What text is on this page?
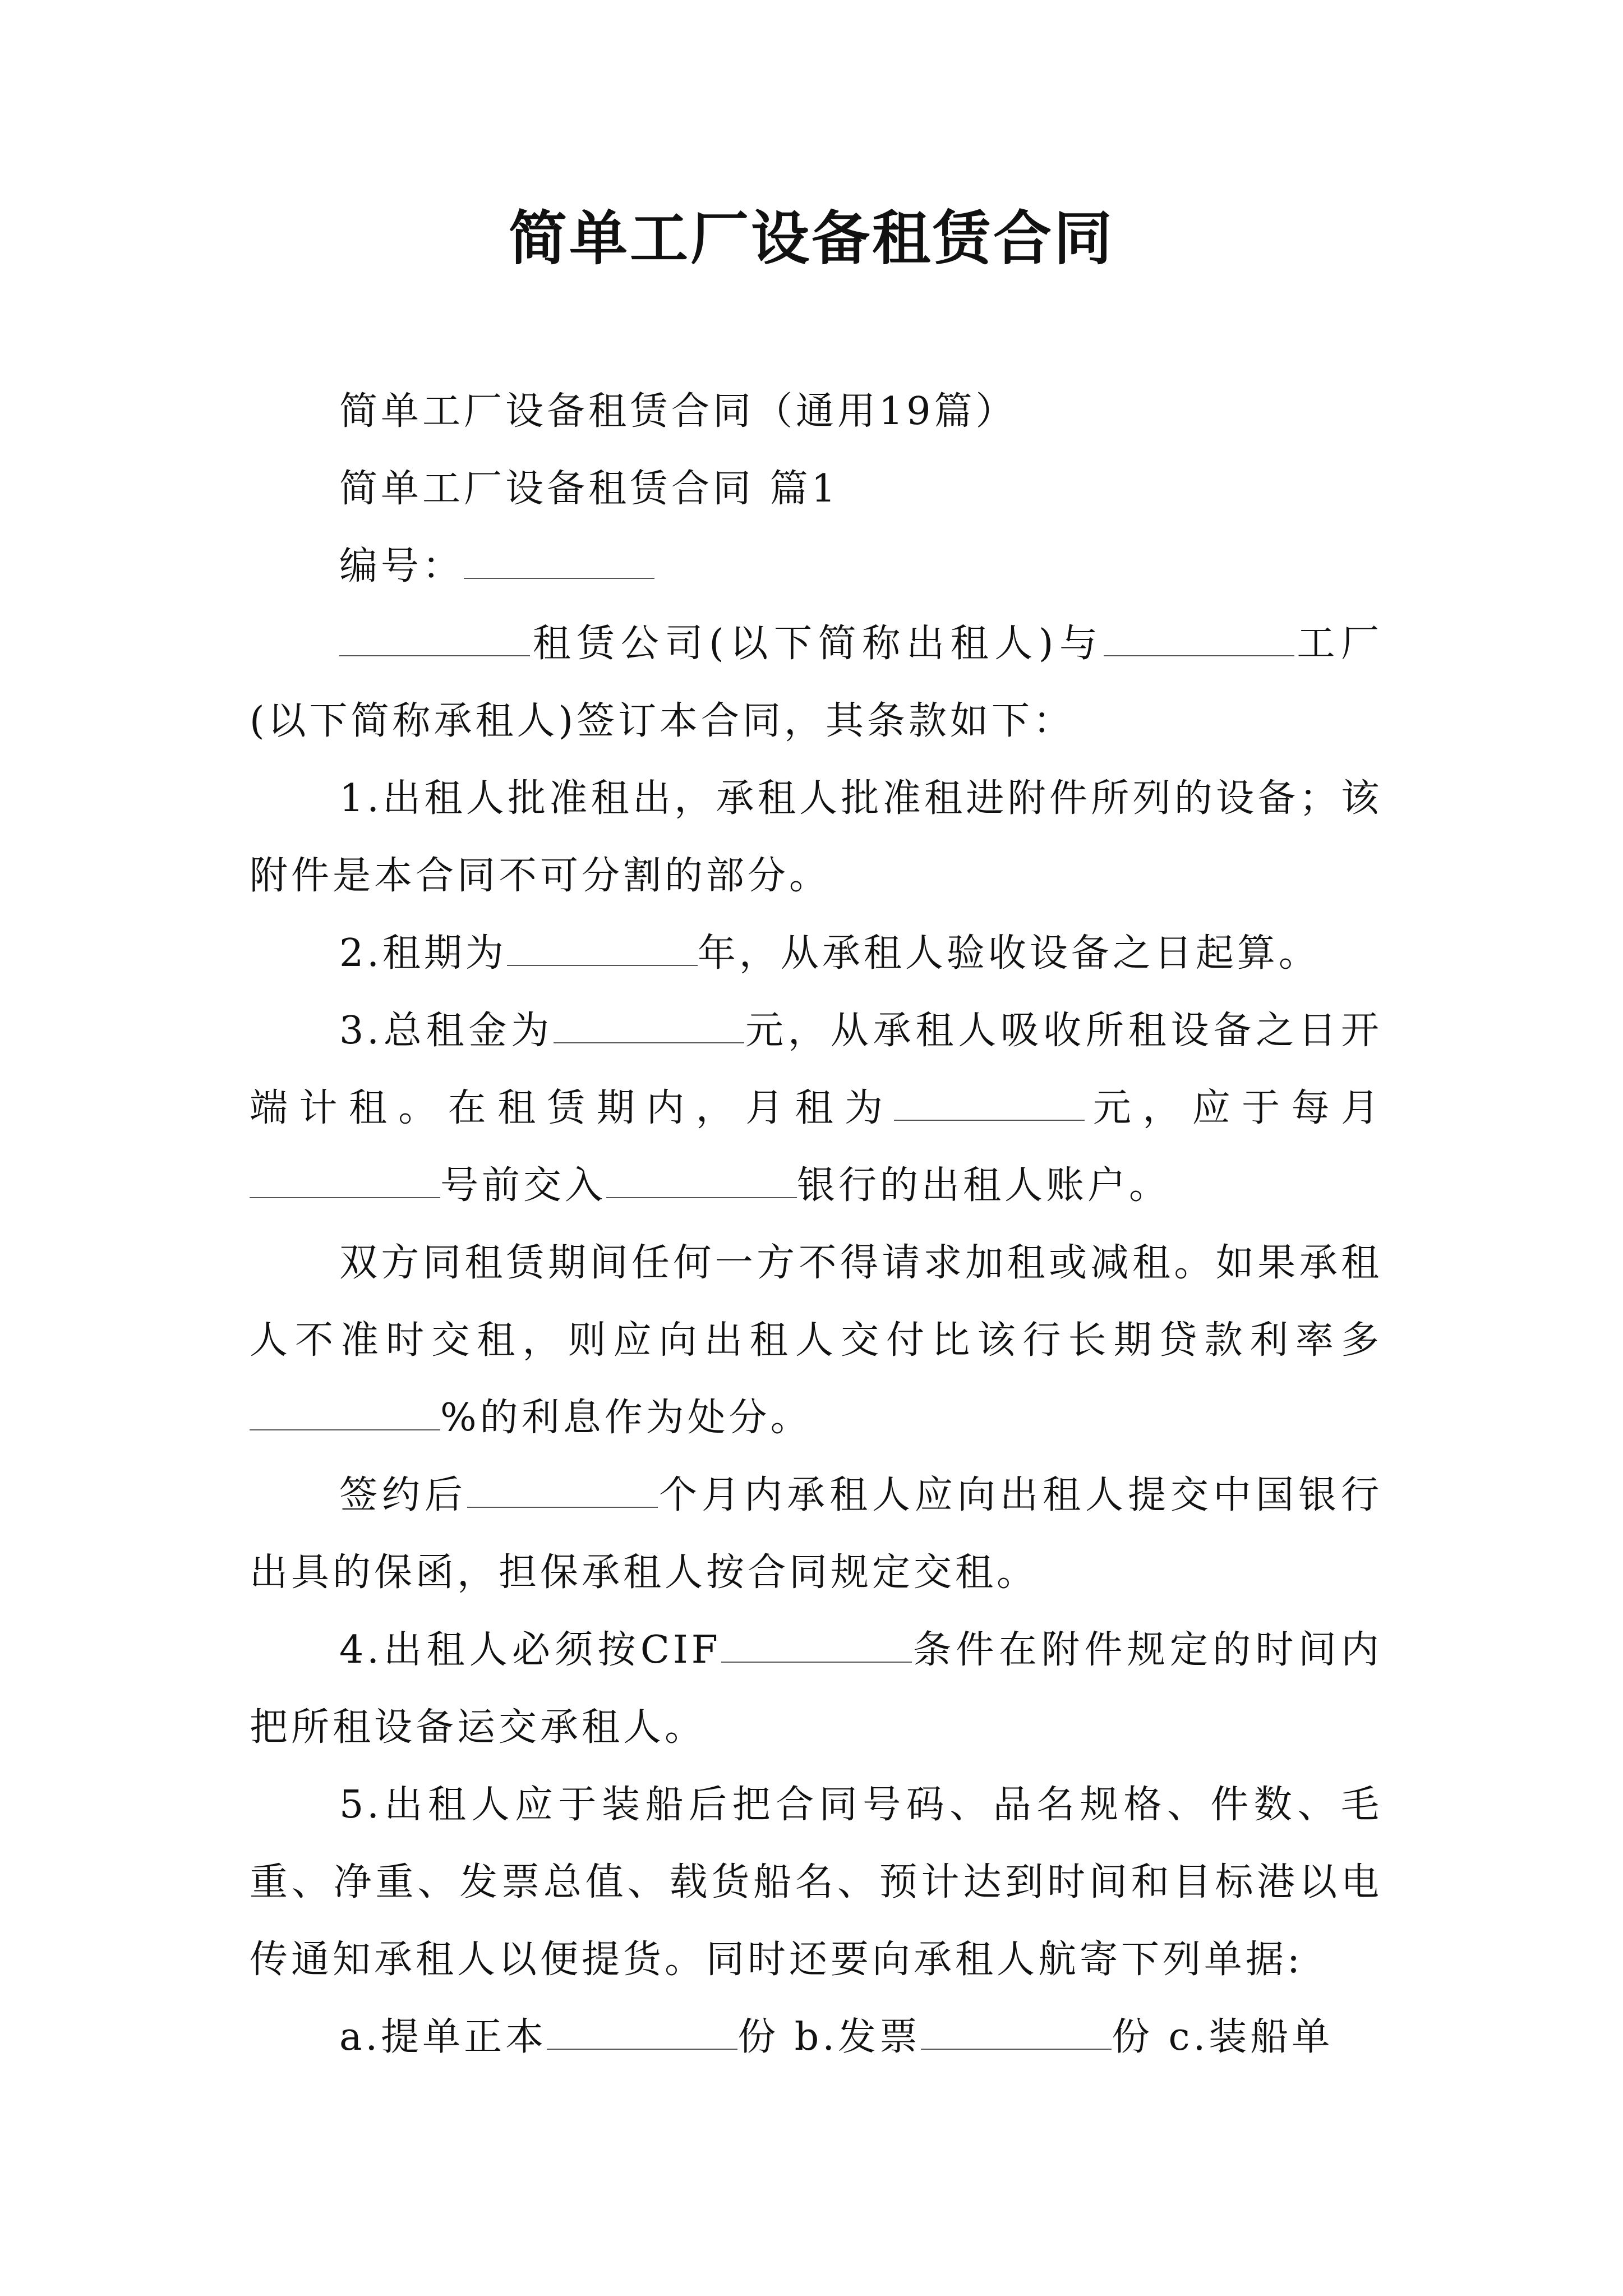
简单工厂设备租赁合同

简单工厂设备租赁合同（通用19篇）

简单工厂设备租赁合同 篇1

编号：

租赁公司(以下简称出租人)与	工厂(以下简称承租人)签订本合同，其条款如下：

1.出租人批准租出，承租人批准租进附件所列的设备；该附件是本合同不可分割的部分。

2.租期为	年，从承租人验收设备之日起算。

3.总租金为	元，从承租人吸收所租设备之日开端计租。在租赁期内，月租为	元，应于每月号前交入	银行的出租人账户。

双方同租赁期间任何一方不得请求加租或减租。如果承租人不准时交租，则应向出租人交付比该行长期贷款利率多%的利息作为处分。

签约后	个月内承租人应向出租人提交中国银行出具的保函，担保承租人按合同规定交租。

4.出租人必须按CIF	条件在附件规定的时间内把所租设备运交承租人。

5.出租人应于装船后把合同号码、品名规格、件数、毛重、净重、发票总值、载货船名、预计达到时间和目标港以电传通知承租人以便提货。同时还要向承租人航寄下列单据:

a.提单正本	份 b.发票	份 c.装船单
